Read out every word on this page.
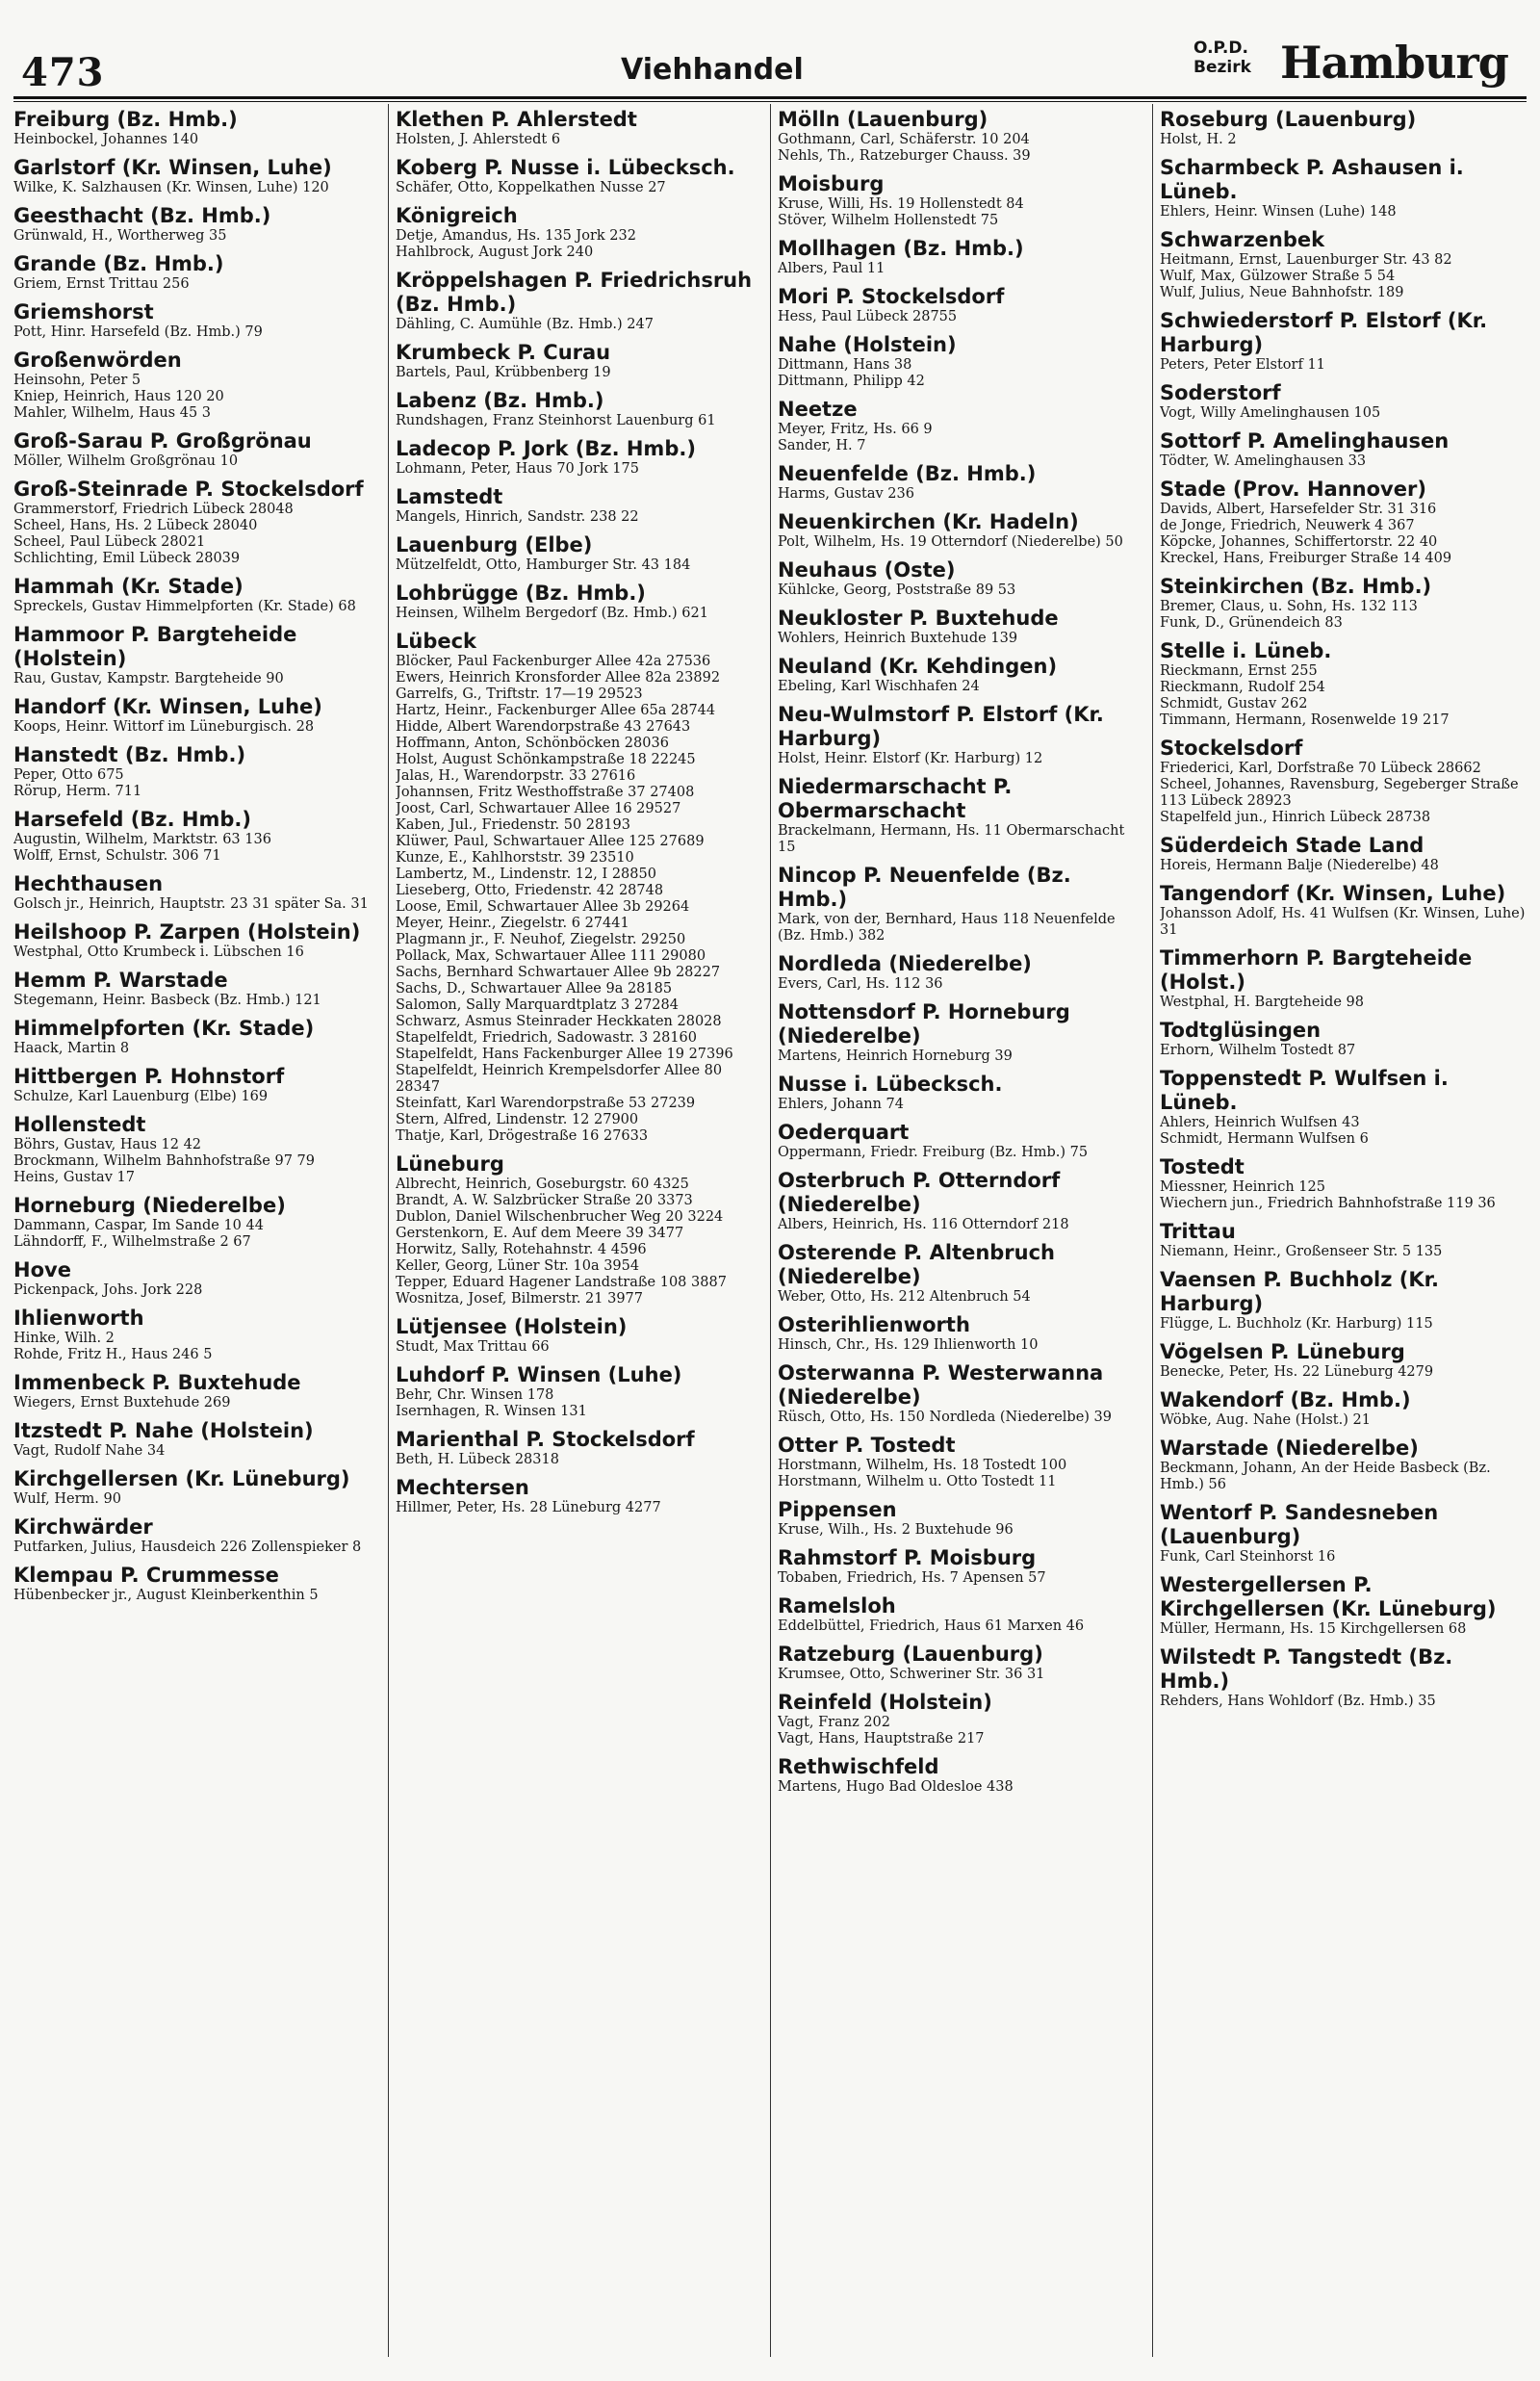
473	Viehhandel
O.P.D.
Bezirk Hamburg
Freiburg (Bz. Hmb.)
Heinbockel, Johannes 140
Garlstorf (Kr. Winsen, Luhe)
Wilke, K. Salzhausen (Kr. Winsen, Luhe) 120
Geesthacht (Bz. Hmb.)
Grünwald, H., Wortherweg 35
Grande (Bz. Hmb.)
Griem, Ernst Trittau 256
Griemshorst
Pott, Hinr. Harsefeld (Bz. Hmb.) 79
Großenwörden
Heinsohn, Peter 5
Kniep, Heinrich, Haus 120 20
Mahler, Wilhelm, Haus 45 3
Groß-Sarau P. Großgrönau
Möller, Wilhelm Großgrönau 10
Groß-Steinrade P. Stockelsdorf
Grammerstorf, Friedrich Lübeck 28048
Scheel, Hans, Hs. 2 Lübeck 28040
Scheel, Paul Lübeck 28021
Schlichting, Emil Lübeck 28039
Hammah (Kr. Stade)
Spreckels, Gustav Himmelpforten (Kr. Stade) 68
Hammoor P. Bargteheide (Holstein)
Rau, Gustav, Kampstr. Bargteheide 90
Handorf (Kr. Winsen, Luhe)
Koops, Heinr. Wittorf im Lüneburgisch. 28
Hanstedt (Bz. Hmb.)
Peper, Otto 675
Rörup, Herm. 711
Harsefeld (Bz. Hmb.)
Augustin, Wilhelm, Marktstr. 63 136
Wolff, Ernst, Schulstr. 306 71
Hechthausen
Golsch jr., Heinrich, Hauptstr. 23 31 später Sa. 31
Heilshoop P. Zarpen (Holstein)
Westphal, Otto Krumbeck i. Lübschen 16
Hemm P. Warstade
Stegemann, Heinr. Basbeck (Bz. Hmb.) 121
Himmelpforten (Kr. Stade)
Haack, Martin 8
Hittbergen P. Hohnstorf
Schulze, Karl Lauenburg (Elbe) 169
Hollenstedt
Böhrs, Gustav, Haus 12 42
Brockmann, Wilhelm Bahnhofstraße 97 79
Heins, Gustav 17
Horneburg (Niederelbe)
Dammann, Caspar, Im Sande 10 44
Lähndorff, F., Wilhelmstraße 2 67
Hove
Pickenpack, Johs. Jork 228
Ihlienworth
Hinke, Wilh. 2
Rohde, Fritz H., Haus 246 5
Immenbeck P. Buxtehude
Wiegers, Ernst Buxtehude 269
Itzstedt P. Nahe (Holstein)
Vagt, Rudolf Nahe 34
Kirchgellersen (Kr. Lüneburg)
Wulf, Herm. 90
Kirchwärder
Putfarken, Julius, Hausdeich 226 Zollenspieker 8
Klempau P. Crummesse
Hübenbecker jr., August Kleinberkenthin 5
Klethen P. Ahlerstedt
Holsten, J. Ahlerstedt 6
Koberg P. Nusse i. Lübecksch.
Schäfer, Otto, Koppelkathen Nusse 27
Königreich
Detje, Amandus, Hs. 135 Jork 232
Hahlbrock, August Jork 240
Kröppelshagen P. Friedrichsruh (Bz. Hmb.)
Dähling, C. Aumühle (Bz. Hmb.) 247
Krumbeck P. Curau
Bartels, Paul, Krübbenberg 19
Labenz (Bz. Hmb.)
Rundshagen, Franz Steinhorst Lauenburg 61
Ladecop P. Jork (Bz. Hmb.)
Lohmann, Peter, Haus 70 Jork 175
Lamstedt
Mangels, Hinrich, Sandstr. 238 22
Lauenburg (Elbe)
Mützelfeldt, Otto, Hamburger Str. 43 184
Lohbrügge (Bz. Hmb.)
Heinsen, Wilhelm Bergedorf (Bz. Hmb.) 621
Lübeck
Blöcker, Paul Fackenburger Allee 42a 27536
Ewers, Heinrich Kronsforder Allee 82a 23892
Garrelfs, G., Triftstr. 17—19 29523
Hartz, Heinr., Fackenburger Allee 65a 28744
Hidde, Albert Warendorpstraße 43 27643
Hoffmann, Anton, Schönböcken 28036
Holst, August Schönkampstraße 18 22245
Jalas, H., Warendorpstr. 33 27616
Johannsen, Fritz Westhoffstraße 37 27408
Joost, Carl, Schwartauer Allee 16 29527
Kaben, Jul., Friedenstr. 50 28193
Klüwer, Paul, Schwartauer Allee 125 27689
Kunze, E., Kahlhorststr. 39 23510
Lambertz, M., Lindenstr. 12, I 28850
Lieseberg, Otto, Friedenstr. 42 28748
Loose, Emil, Schwartauer Allee 3b 29264
Meyer, Heinr., Ziegelstr. 6 27441
Plagmann jr., F. Neuhof, Ziegelstr. 29250
Pollack, Max, Schwartauer Allee 111 29080
Sachs, Bernhard Schwartauer Allee 9b 28227
Sachs, D., Schwartauer Allee 9a 28185
Salomon, Sally Marquardtplatz 3 27284
Schwarz, Asmus Steinrader Heckkaten 28028
Stapelfeldt, Friedrich, Sadowastr. 3 28160
Stapelfeldt, Hans Fackenburger Allee 19 27396
Stapelfeldt, Heinrich Krempelsdorfer Allee 80 28347
Steinfatt, Karl Warendorpstraße 53 27239
Stern, Alfred, Lindenstr. 12 27900
Thatje, Karl, Drögestraße 16 27633
Lüneburg
Albrecht, Heinrich, Goseburgstr. 60 4325
Brandt, A. W. Salzbrücker Straße 20 3373
Dublon, Daniel Wilschenbrucher Weg 20 3224
Gerstenkorn, E. Auf dem Meere 39 3477
Horwitz, Sally, Rotehahnstr. 4 4596
Keller, Georg, Lüner Str. 10a 3954
Tepper, Eduard Hagener Landstraße 108 3887
Wosnitza, Josef, Bilmerstr. 21 3977
Lütjensee (Holstein)
Studt, Max Trittau 66
Luhdorf P. Winsen (Luhe)
Behr, Chr. Winsen 178
Isernhagen, R. Winsen 131
Marienthal P. Stockelsdorf
Beth, H. Lübeck 28318
Mechtersen
Hillmer, Peter, Hs. 28 Lüneburg 4277
Mölln (Lauenburg)
Gothmann, Carl, Schäferstr. 10 204
Nehls, Th., Ratzeburger Chauss. 39
Moisburg
Kruse, Willi, Hs. 19 Hollenstedt 84
Stöver, Wilhelm Hollenstedt 75
Mollhagen (Bz. Hmb.)
Albers, Paul 11
Mori P. Stockelsdorf
Hess, Paul Lübeck 28755
Nahe (Holstein)
Dittmann, Hans 38
Dittmann, Philipp 42
Neetze
Meyer, Fritz, Hs. 66 9
Sander, H. 7
Neuenfelde (Bz. Hmb.)
Harms, Gustav 236
Neuenkirchen (Kr. Hadeln)
Polt, Wilhelm, Hs. 19 Otterndorf (Niederelbe) 50
Neuhaus (Oste)
Kühlcke, Georg, Poststraße 89 53
Neukloster P. Buxtehude
Wohlers, Heinrich Buxtehude 139
Neuland (Kr. Kehdingen)
Ebeling, Karl Wischhafen 24
Neu-Wulmstorf P. Elstorf (Kr. Harburg)
Holst, Heinr. Elstorf (Kr. Harburg) 12
Niedermarschacht P. Obermarschacht
Brackelmann, Hermann, Hs. 11 Obermarschacht 15
Nincop P. Neuenfelde (Bz. Hmb.)
Mark, von der, Bernhard, Haus 118 Neuenfelde (Bz. Hmb.) 382
Nordleda (Niederelbe)
Evers, Carl, Hs. 112 36
Nottensdorf P. Horneburg (Niederelbe)
Martens, Heinrich Horneburg 39
Nusse i. Lübecksch.
Ehlers, Johann 74
Oederquart
Oppermann, Friedr. Freiburg (Bz. Hmb.) 75
Osterbruch P. Otterndorf (Niederelbe)
Albers, Heinrich, Hs. 116 Otterndorf 218
Osterende P. Altenbruch (Niederelbe)
Weber, Otto, Hs. 212 Altenbruch 54
Osterihlienworth
Hinsch, Chr., Hs. 129 Ihlienworth 10
Osterwanna P. Westerwanna (Niederelbe)
Rüsch, Otto, Hs. 150 Nordleda (Niederelbe) 39
Otter P. Tostedt
Horstmann, Wilhelm, Hs. 18 Tostedt 100
Horstmann, Wilhelm u. Otto Tostedt 11
Pippensen
Kruse, Wilh., Hs. 2 Buxtehude 96
Rahmstorf P. Moisburg
Tobaben, Friedrich, Hs. 7 Apensen 57
Ramelsloh
Eddelbüttel, Friedrich, Haus 61 Marxen 46
Ratzeburg (Lauenburg)
Krumsee, Otto, Schweriner Str. 36 31
Reinfeld (Holstein)
Vagt, Franz 202
Vagt, Hans, Hauptstraße 217
Rethwischfeld
Martens, Hugo Bad Oldesloe 438
Roseburg (Lauenburg)
Holst, H. 2
Scharmbeck P. Ashausen i. Lüneb.
Ehlers, Heinr. Winsen (Luhe) 148
Schwarzenbek
Heitmann, Ernst, Lauenburger Str. 43 82
Wulf, Max, Gülzower Straße 5 54
Wulf, Julius, Neue Bahnhofstr. 189
Schwiederstorf P. Elstorf (Kr. Harburg)
Peters, Peter Elstorf 11
Soderstorf
Vogt, Willy Amelinghausen 105
Sottorf P. Amelinghausen
Tödter, W. Amelinghausen 33
Stade (Prov. Hannover)
Davids, Albert, Harsefelder Str. 31 316
de Jonge, Friedrich, Neuwerk 4 367
Köpcke, Johannes, Schiffertorstr. 22 40
Kreckel, Hans, Freiburger Straße 14 409
Steinkirchen (Bz. Hmb.)
Bremer, Claus, u. Sohn, Hs. 132 113
Funk, D., Grünendeich 83
Stelle i. Lüneb.
Rieckmann, Ernst 255
Rieckmann, Rudolf 254
Schmidt, Gustav 262
Timmann, Hermann, Rosenwelde 19 217
Stockelsdorf
Friederici, Karl, Dorfstraße 70 Lübeck 28662
Scheel, Johannes, Ravensburg, Segeberger Straße 113 Lübeck 28923
Stapelfeld jun., Hinrich Lübeck 28738
Süderdeich Stade Land
Horeis, Hermann Balje (Niederelbe) 48
Tangendorf (Kr. Winsen, Luhe)
Johansson Adolf, Hs. 41 Wulfsen (Kr. Winsen, Luhe) 31
Timmerhorn P. Bargteheide (Holst.)
Westphal, H. Bargteheide 98
Todtglüsingen
Erhorn, Wilhelm Tostedt 87
Toppenstedt P. Wulfsen i. Lüneb.
Ahlers, Heinrich Wulfsen 43
Schmidt, Hermann Wulfsen 6
Tostedt
Miessner, Heinrich 125
Wiechern jun., Friedrich Bahnhofstraße 119 36
Trittau
Niemann, Heinr., Großenseer Str. 5 135
Vaensen P. Buchholz (Kr. Harburg)
Flügge, L. Buchholz (Kr. Harburg) 115
Vögelsen P. Lüneburg
Benecke, Peter, Hs. 22 Lüneburg 4279
Wakendorf (Bz. Hmb.)
Wöbke, Aug. Nahe (Holst.) 21
Warstade (Niederelbe)
Beckmann, Johann, An der Heide Basbeck (Bz. Hmb.) 56
Wentorf P. Sandesneben (Lauenburg)
Funk, Carl Steinhorst 16
Westergellersen P. Kirchgellersen (Kr. Lüneburg)
Müller, Hermann, Hs. 15 Kirchgellersen 68
Wilstedt P. Tangstedt (Bz. Hmb.)
Rehders, Hans Wohldorf (Bz. Hmb.) 35
